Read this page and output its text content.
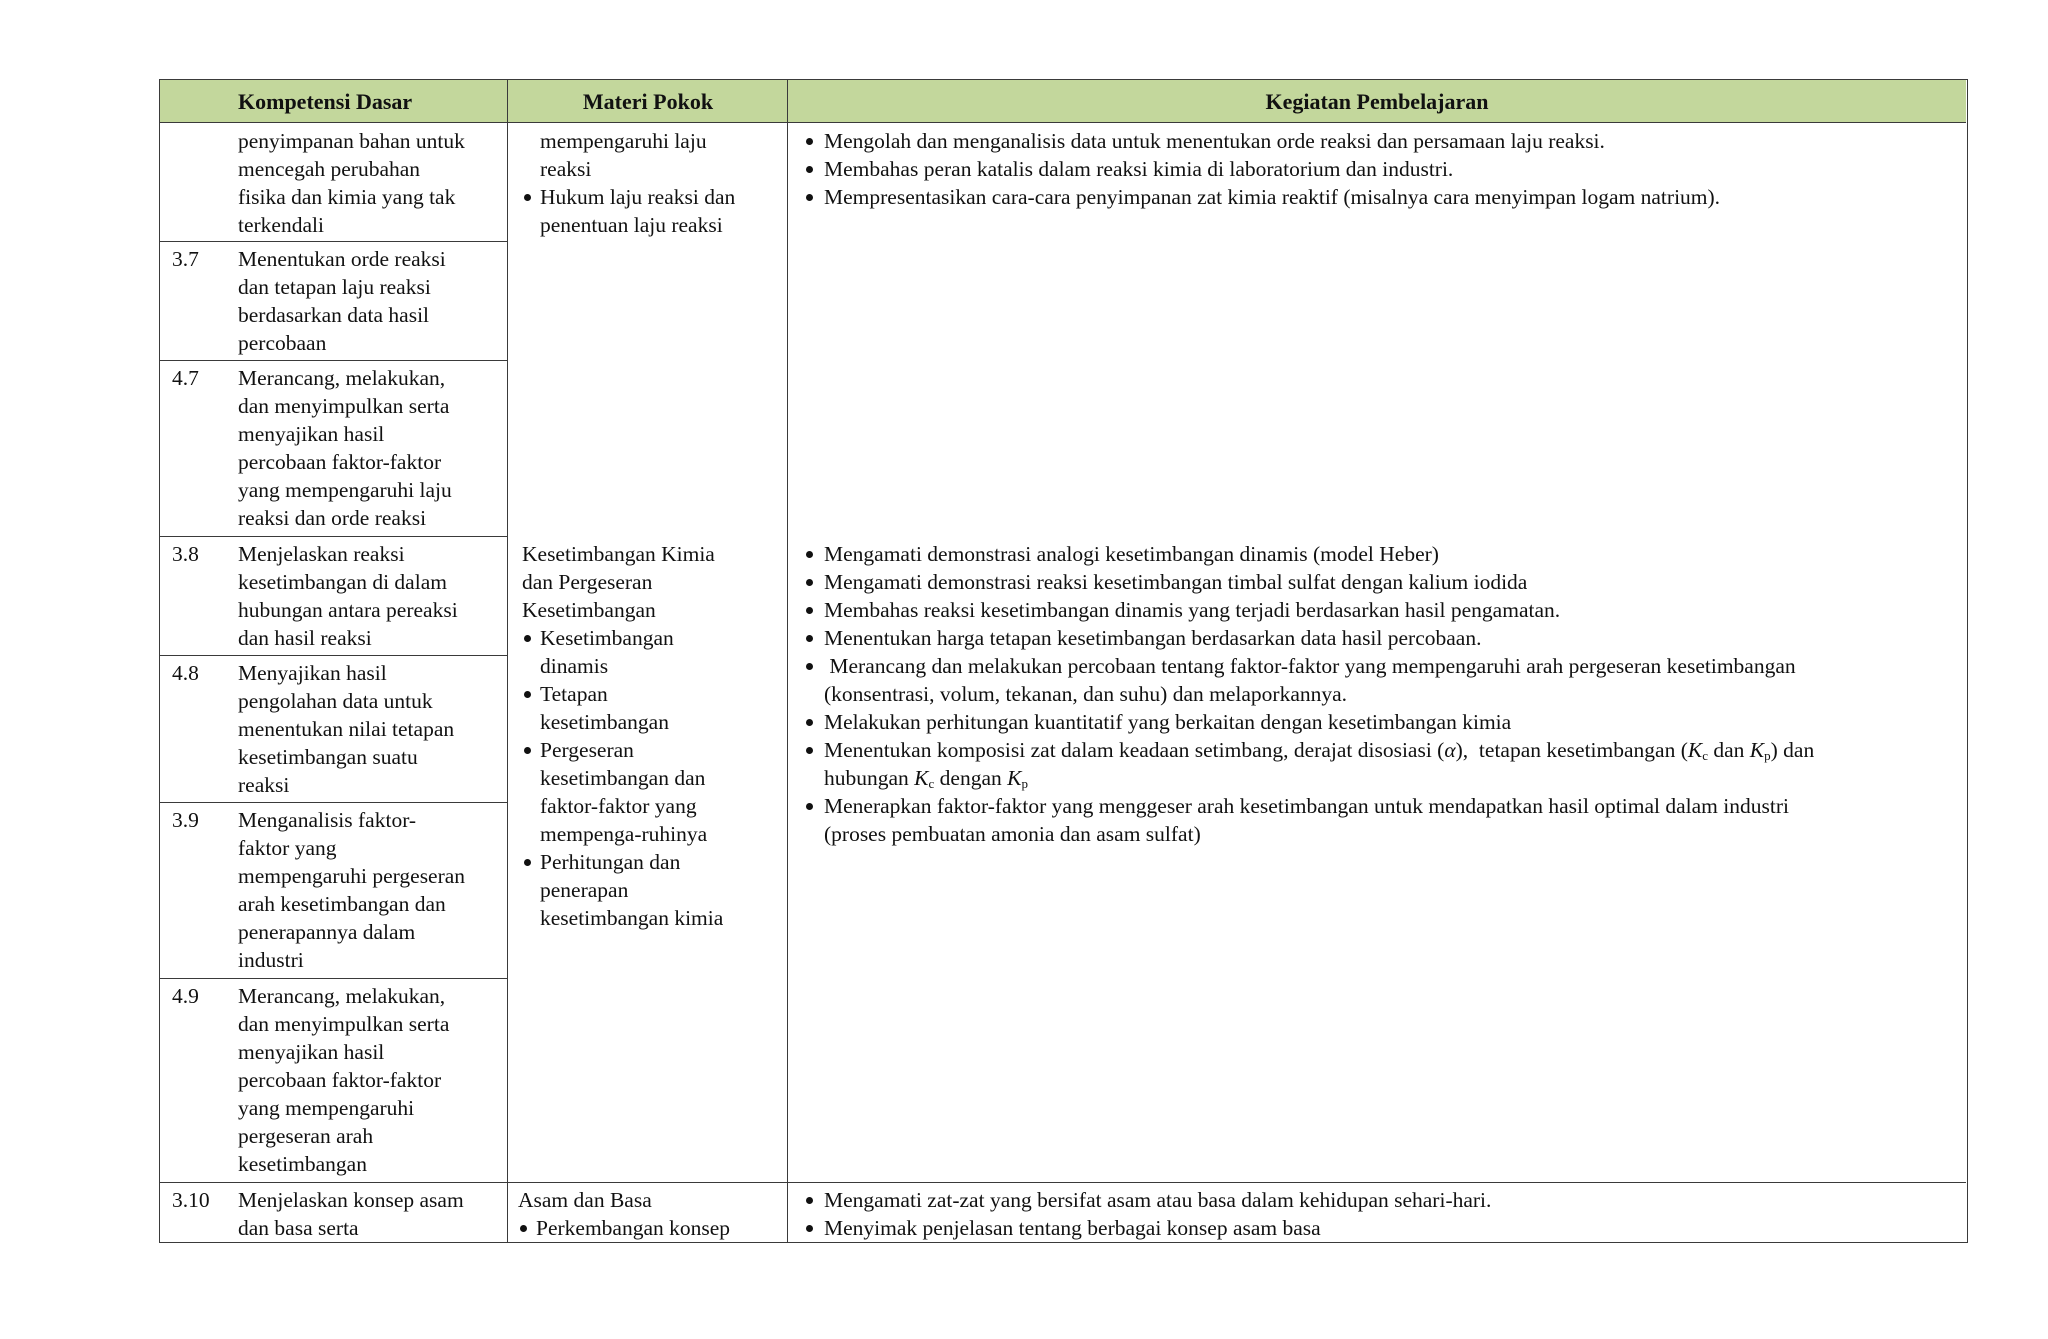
Kompetensi Dasar	Materi Pokok	Kegiatan Pembelajaran
penyimpanan bahan untuk
mencegah perubahan
fisika dan kimia yang tak
terkendali
3.7 Menentukan orde reaksi
dan tetapan laju reaksi
berdasarkan data hasil
percobaan
4.7 Merancang, melakukan,
dan menyimpulkan serta
menyajikan hasil
percobaan faktor-faktor
yang mempengaruhi laju
reaksi dan orde reaksi
3.8 Menjelaskan reaksi
kesetimbangan di dalam
hubungan antara pereaksi
dan hasil reaksi
4.8 Menyajikan hasil
pengolahan data untuk
menentukan nilai tetapan
kesetimbangan suatu
reaksi
3.9 Menganalisis faktor-
faktor yang
mempengaruhi pergeseran
arah kesetimbangan dan
penerapannya dalam
industri
4.9 Merancang, melakukan,
dan menyimpulkan serta
menyajikan hasil
percobaan faktor-faktor
yang mempengaruhi
pergeseran arah
kesetimbangan
3.10 Menjelaskan konsep asam
dan basa serta
mempengaruhi laju
reaksi
Hukum laju reaksi dan
penentuan laju reaksi
Kesetimbangan Kimia
dan Pergeseran
Kesetimbangan
Kesetimbangan
dinamis
Tetapan
kesetimbangan
Pergeseran
kesetimbangan dan
faktor-faktor yang
mempenga-ruhinya
Perhitungan dan
penerapan
kesetimbangan kimia
Asam dan Basa
Perkembangan konsep
Mengolah dan menganalisis data untuk menentukan orde reaksi dan persamaan laju reaksi.
Membahas peran katalis dalam reaksi kimia di laboratorium dan industri.
Mempresentasikan cara-cara penyimpanan zat kimia reaktif (misalnya cara menyimpan logam natrium).
Mengamati demonstrasi analogi kesetimbangan dinamis (model Heber)
Mengamati demonstrasi reaksi kesetimbangan timbal sulfat dengan kalium iodida
Membahas reaksi kesetimbangan dinamis yang terjadi berdasarkan hasil pengamatan.
Menentukan harga tetapan kesetimbangan berdasarkan data hasil percobaan.
Merancang dan melakukan percobaan tentang faktor-faktor yang mempengaruhi arah pergeseran kesetimbangan
(konsentrasi, volum, tekanan, dan suhu) dan melaporkannya.
Melakukan perhitungan kuantitatif yang berkaitan dengan kesetimbangan kimia
Menentukan komposisi zat dalam keadaan setimbang, derajat disosiasi (α),  tetapan kesetimbangan ($K_c$ dan $K_p$) dan
hubungan $K_c$ dengan $K_p$
Menerapkan faktor-faktor yang menggeser arah kesetimbangan untuk mendapatkan hasil optimal dalam industri
(proses pembuatan amonia dan asam sulfat)
Mengamati zat-zat yang bersifat asam atau basa dalam kehidupan sehari-hari.
Menyimak penjelasan tentang berbagai konsep asam basa
